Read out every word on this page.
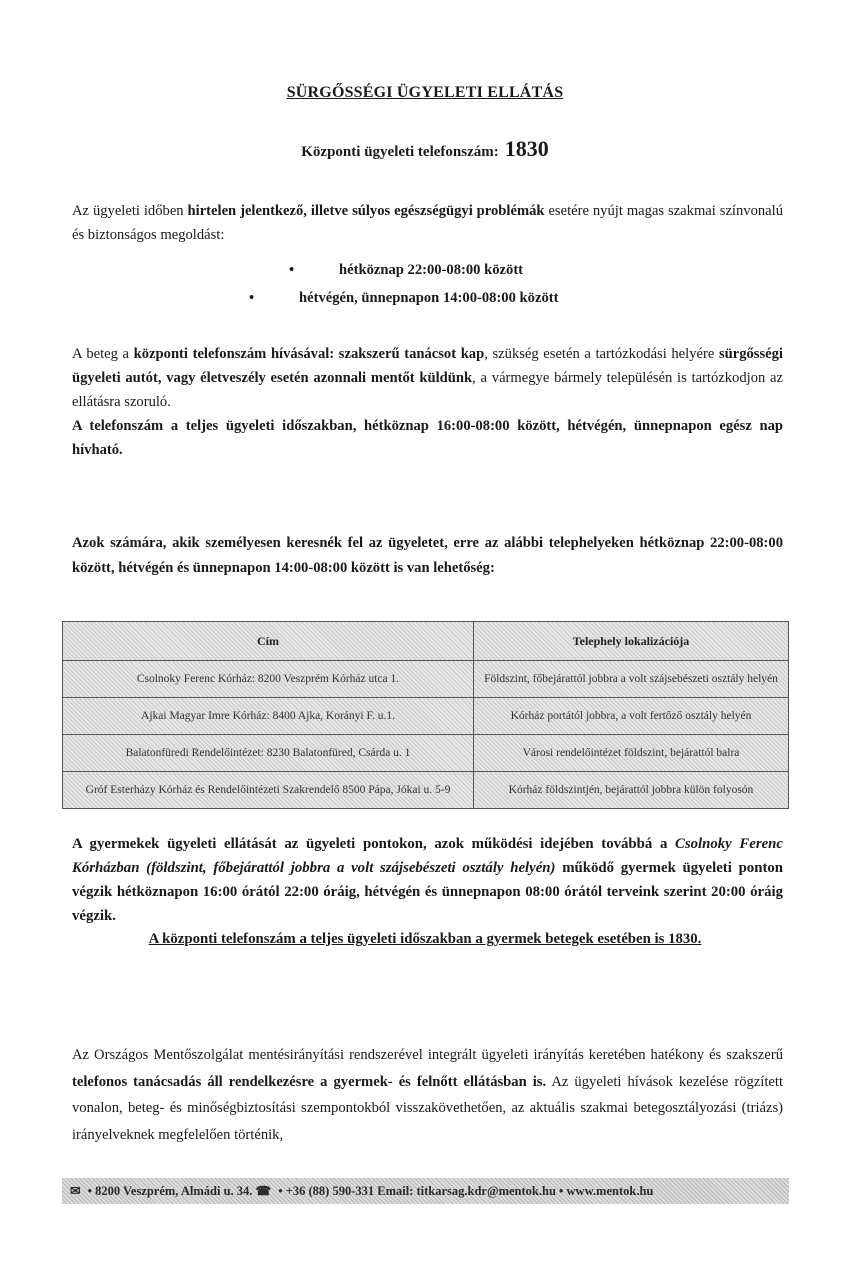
SÜRGŐSSÉGI ÜGYELETI ELLÁTÁS
Központi ügyeleti telefonszám: 1830
Az ügyeleti időben hirtelen jelentkező, illetve súlyos egészségügyi problémák esetére nyújt magas szakmai színvonalú és biztonságos megoldást:
•	hétköznap 22:00-08:00 között
•	hétvégén, ünnepnapon 14:00-08:00 között
A beteg a központi telefonszám hívásával: szakszerű tanácsot kap, szükség esetén a tartózkodási helyére sürgősségi ügyeleti autót, vagy életveszély esetén azonnali mentőt küldünk, a vármegye bármely településén is tartózkodjon az ellátásra szoruló.
A telefonszám a teljes ügyeleti időszakban, hétköznap 16:00-08:00 között, hétvégén, ünnepnapon egész nap hívható.
Azok számára, akik személyesen keresnék fel az ügyeletet, erre az alábbi telephelyeken hétköznap 22:00-08:00 között, hétvégén és ünnepnapon 14:00-08:00 között is van lehetőség:
Cím	Telephely lokalizációja
Csolnoky Ferenc Kórház: 8200 Veszprém Kórház utca 1.	Földszint, főbejárattól jobbra a volt szájsebészeti osztály helyén
Ajkai Magyar Imre Kórház: 8400 Ajka, Korányi F. u.1.	Kórház portától jobbra, a volt fertőző osztály helyén
Balatonfüredi Rendelőintézet: 8230 Balatonfüred, Csárda u. 1	Városi rendelőintézet földszint, bejárattól balra
Gróf Esterházy Kórház és Rendelőintézeti Szakrendelő 8500 Pápa, Jókai u. 5-9	Kórház földszintjén, bejárattól jobbra külön folyosón
A gyermekek ügyeleti ellátását az ügyeleti pontokon, azok működési idejében továbbá a Csolnoky Ferenc Kórházban (földszint, főbejárattól jobbra a volt szájsebészeti osztály helyén) működő gyermek ügyeleti ponton végzik hétköznapon 16:00 órától 22:00 óráig, hétvégén és ünnepnapon 08:00 órától terveink szerint 20:00 óráig végzik.
A központi telefonszám a teljes ügyeleti időszakban a gyermek betegek esetében is 1830.
Az Országos Mentőszolgálat mentésirányítási rendszerével integrált ügyeleti irányítás keretében hatékony és szakszerű telefonos tanácsadás áll rendelkezésre a gyermek- és felnőtt ellátásban is. Az ügyeleti hívások kezelése rögzített vonalon, beteg- és minőségbiztosítási szempontokból visszakövethetően, az aktuális szakmai betegosztályozási (triázs) irányelveknek megfelelően történik,
✉ • 8200 Veszprém, Almádi u. 34. ☎ • +36 (88) 590-331 Email: titkarsag.kdr@mentok.hu • www.mentok.hu
